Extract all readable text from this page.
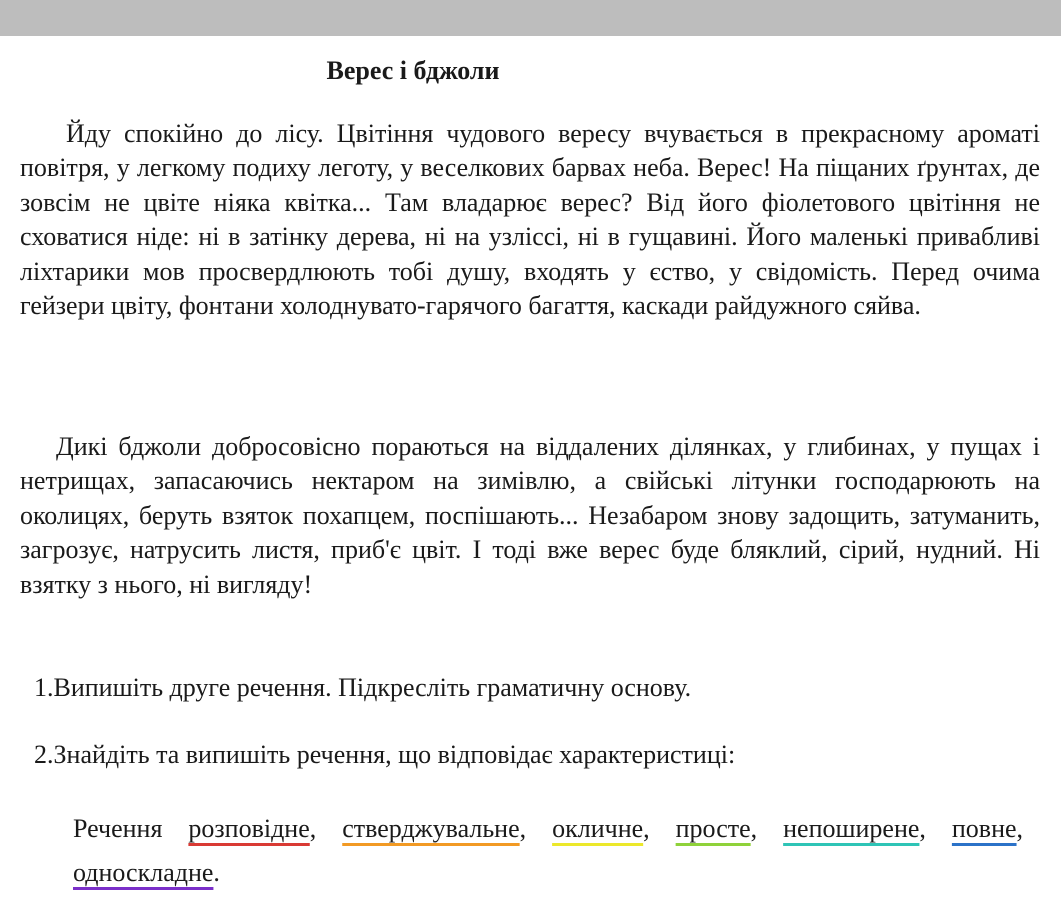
Верес і бджоли

Йду спокійно до лісу. Цвітіння чудового вересу вчувається в прекрасному ароматі повітря, у легкому подиху леготу, у веселкових барвах неба. Верес! На піщаних ґрунтах, де зовсім не цвіте ніяка квітка... Там владарює верес? Від його фіолетового цвітіння не сховатися ніде: ні в затінку дерева, ні на узліссі, ні в гущавині. Його маленькі привабливі ліхтарики мов просвердлюють тобі душу, входять у єство, у свідомість. Перед очима гейзери цвіту, фонтани холоднувато-гарячого багаття, каскади райдужного сяйва.

Дикі бджоли добросовісно пораються на віддалених ділянках, у глибинах, у пущах і нетрищах, запасаючись нектаром на зимівлю, а свійські літунки господарюють на околицях, беруть взяток похапцем, поспішають... Незабаром знову задощить, затуманить, загрозує, натрусить листя, приб'є цвіт. І тоді вже верес буде бляклий, сірий, нудний. Ні взятку з нього, ні вигляду!

1.Випишіть друге речення. Підкресліть граматичну основу.

2.Знайдіть та випишіть речення, що відповідає характеристиці:

Речення розповідне, стверджувальне, окличне, просте, непоширене, повне, односкладне.
